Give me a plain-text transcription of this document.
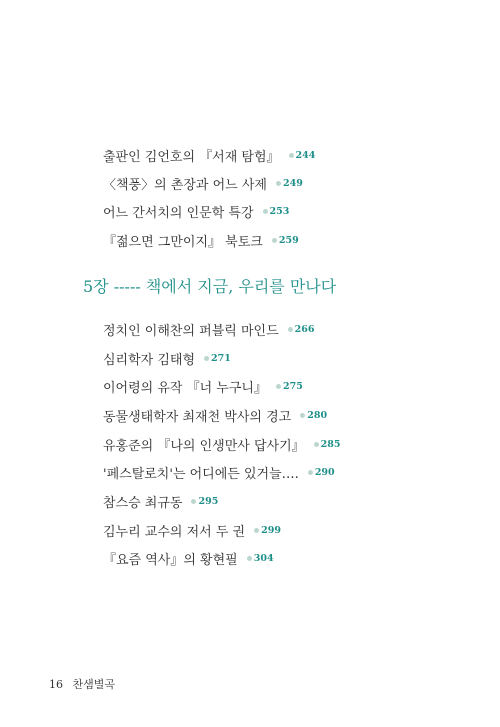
출판인 김언호의 『서재 탐험』 244
〈책풍〉의 촌장과 어느 사제 249
어느 간서치의 인문학 특강 253
『젊으면 그만이지』 북토크 259
5장 ----- 책에서 지금, 우리를 만나다
정치인 이해찬의 퍼블릭 마인드 266
심리학자 김태형 271
이어령의 유작 『너 누구니』 275
동물생태학자 최재천 박사의 경고 280
유홍준의 『나의 인생만사 답사기』 285
'페스탈로치'는 어디에든 있거늘…. 290
참스승 최규동 295
김누리 교수의 저서 두 권 299
『요즘 역사』의 황현필 304
16 찬샘별곡
